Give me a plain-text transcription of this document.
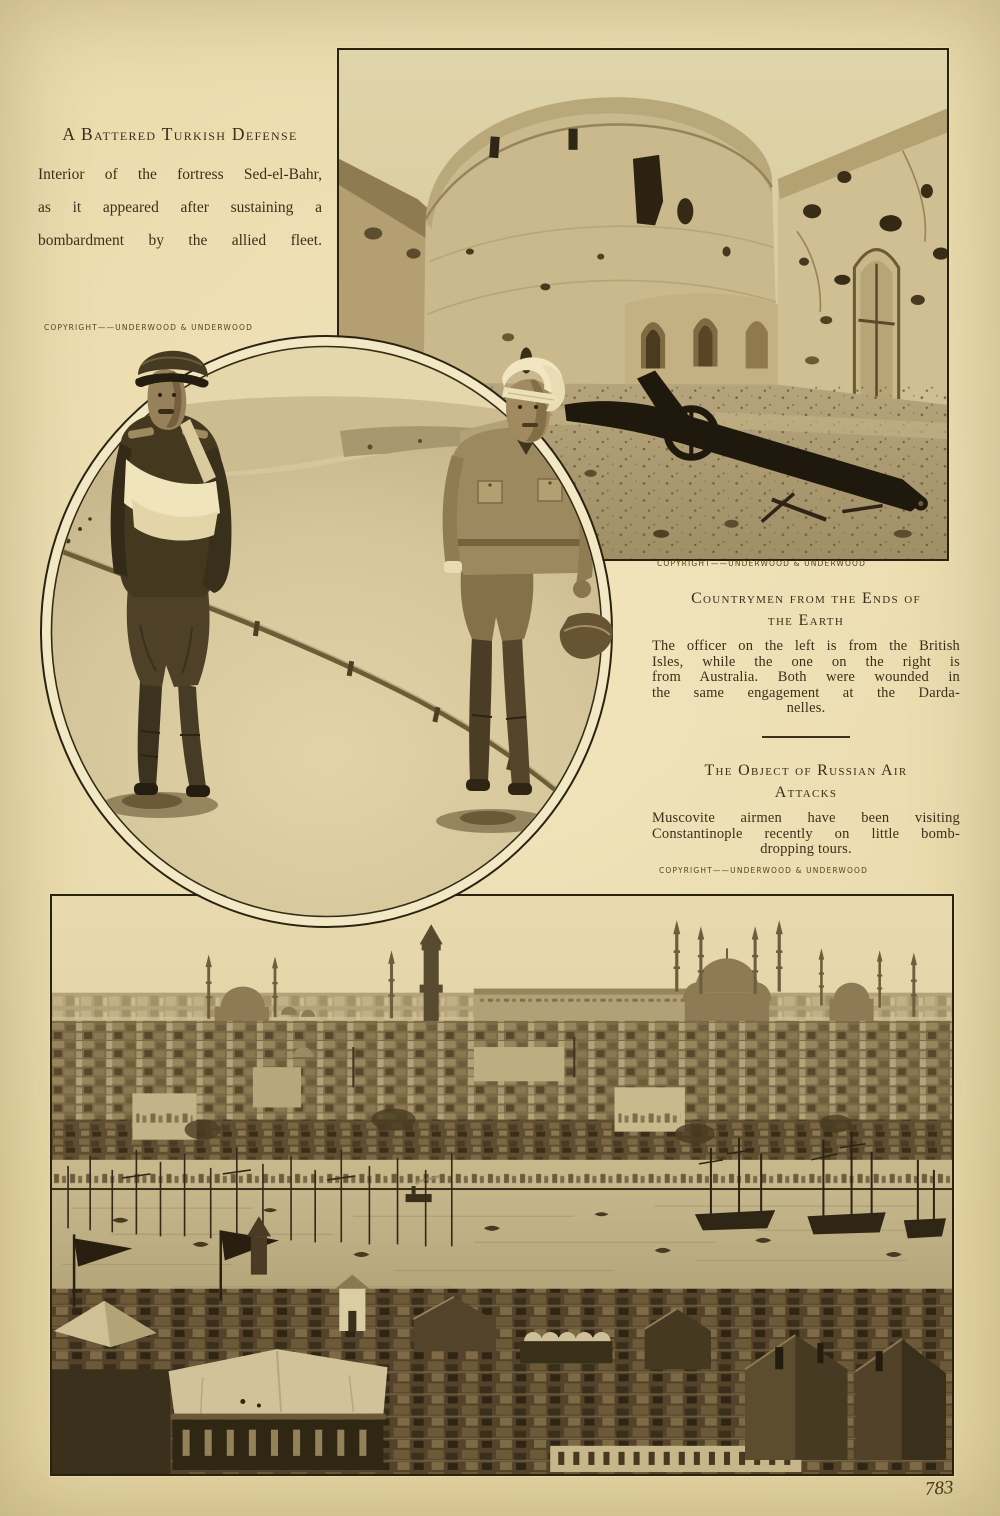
A Battered Turkish Defense
Interior of the fortress Sed-el-Bahr,
as it appeared after sustaining a
bombardment by the allied fleet.
COPYRIGHT——UNDERWOOD & UNDERWOOD
COPYRIGHT——UNDERWOOD & UNDERWOOD
Countrymen from the Ends of
the Earth
The officer on the left is from the British
Isles, while the one on the right is
from Australia. Both were wounded in
the same engagement at the Darda-
nelles.
The Object of Russian Air
Attacks
Muscovite airmen have been visiting
Constantinople recently on little bomb-
dropping tours.
COPYRIGHT——UNDERWOOD & UNDERWOOD
783
